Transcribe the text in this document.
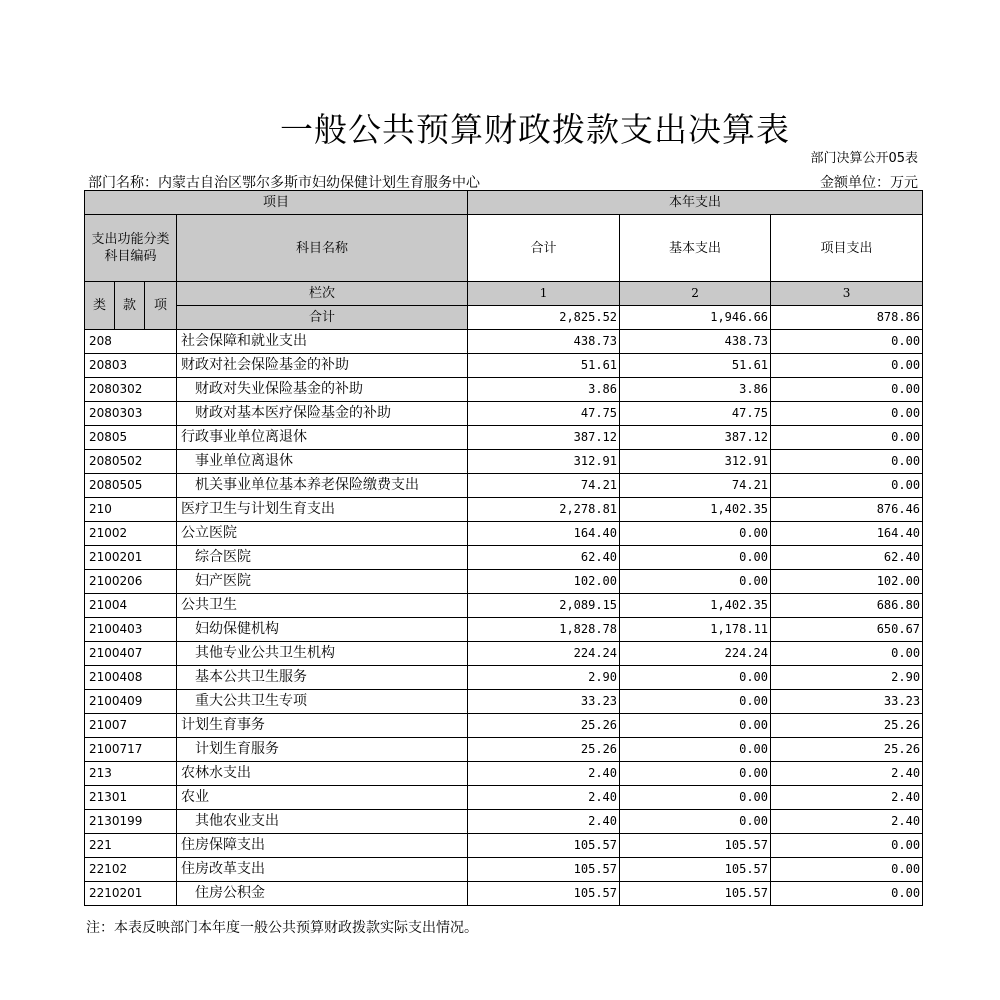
一般公共预算财政拨款支出决算表
部门决算公开05表
部门名称：内蒙古自治区鄂尔多斯市妇幼保健计划生育服务中心	金额单位：万元
项目				本年支出		
支出功能分类科目编码			科目名称	合计	基本支出	项目支出
类	款	项	栏次	1	2	3
			合计	2,825.52	1,946.66	878.86
208			社会保障和就业支出	438.73	438.73	0.00
20803			财政对社会保险基金的补助	51.61	51.61	0.00
2080302			财政对失业保险基金的补助	3.86	3.86	0.00
2080303			财政对基本医疗保险基金的补助	47.75	47.75	0.00
20805			行政事业单位离退休	387.12	387.12	0.00
2080502			事业单位离退休	312.91	312.91	0.00
2080505			机关事业单位基本养老保险缴费支出	74.21	74.21	0.00
210			医疗卫生与计划生育支出	2,278.81	1,402.35	876.46
21002			公立医院	164.40	0.00	164.40
2100201			综合医院	62.40	0.00	62.40
2100206			妇产医院	102.00	0.00	102.00
21004			公共卫生	2,089.15	1,402.35	686.80
2100403			妇幼保健机构	1,828.78	1,178.11	650.67
2100407			其他专业公共卫生机构	224.24	224.24	0.00
2100408			基本公共卫生服务	2.90	0.00	2.90
2100409			重大公共卫生专项	33.23	0.00	33.23
21007			计划生育事务	25.26	0.00	25.26
2100717			计划生育服务	25.26	0.00	25.26
213			农林水支出	2.40	0.00	2.40
21301			农业	2.40	0.00	2.40
2130199			其他农业支出	2.40	0.00	2.40
221			住房保障支出	105.57	105.57	0.00
22102			住房改革支出	105.57	105.57	0.00
2210201			住房公积金	105.57	105.57	0.00
注：本表反映部门本年度一般公共预算财政拨款实际支出情况。
